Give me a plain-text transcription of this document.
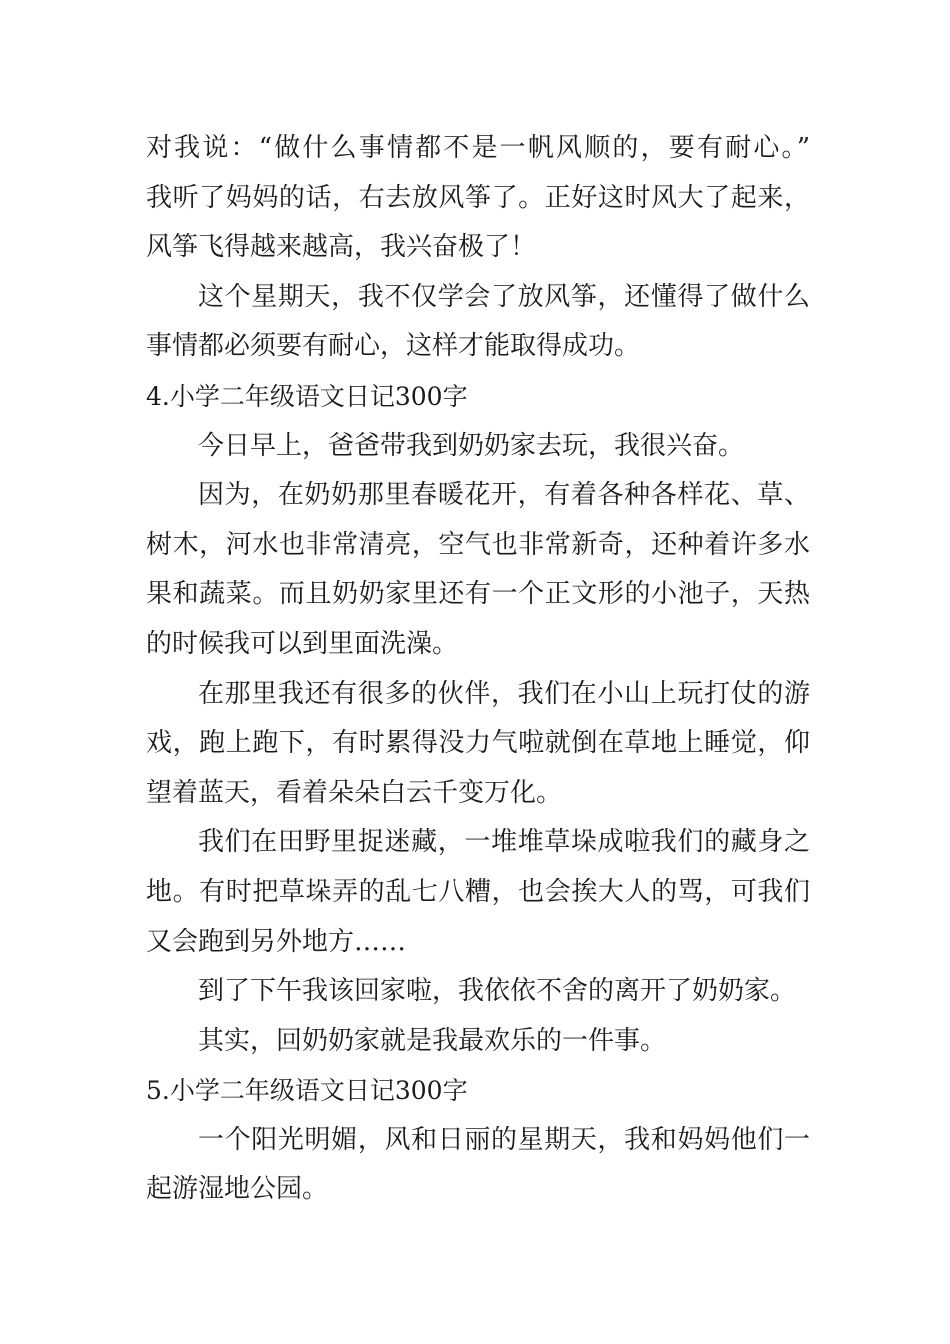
对我说：“做什么事情都不是一帆风顺的，要有耐心。”
我听了妈妈的话，右去放风筝了。正好这时风大了起来，
风筝飞得越来越高，我兴奋极了！
这个星期天，我不仅学会了放风筝，还懂得了做什么
事情都必须要有耐心，这样才能取得成功。
4.小学二年级语文日记300字
今日早上，爸爸带我到奶奶家去玩，我很兴奋。
因为，在奶奶那里春暖花开，有着各种各样花、草、
树木，河水也非常清亮，空气也非常新奇，还种着许多水
果和蔬菜。而且奶奶家里还有一个正文形的小池子，天热
的时候我可以到里面洗澡。
在那里我还有很多的伙伴，我们在小山上玩打仗的游
戏，跑上跑下，有时累得没力气啦就倒在草地上睡觉，仰
望着蓝天，看着朵朵白云千变万化。
我们在田野里捉迷藏，一堆堆草垛成啦我们的藏身之
地。有时把草垛弄的乱七八糟，也会挨大人的骂，可我们
又会跑到另外地方……
到了下午我该回家啦，我依依不舍的离开了奶奶家。
其实，回奶奶家就是我最欢乐的一件事。
5.小学二年级语文日记300字
一个阳光明媚，风和日丽的星期天，我和妈妈他们一
起游湿地公园。
